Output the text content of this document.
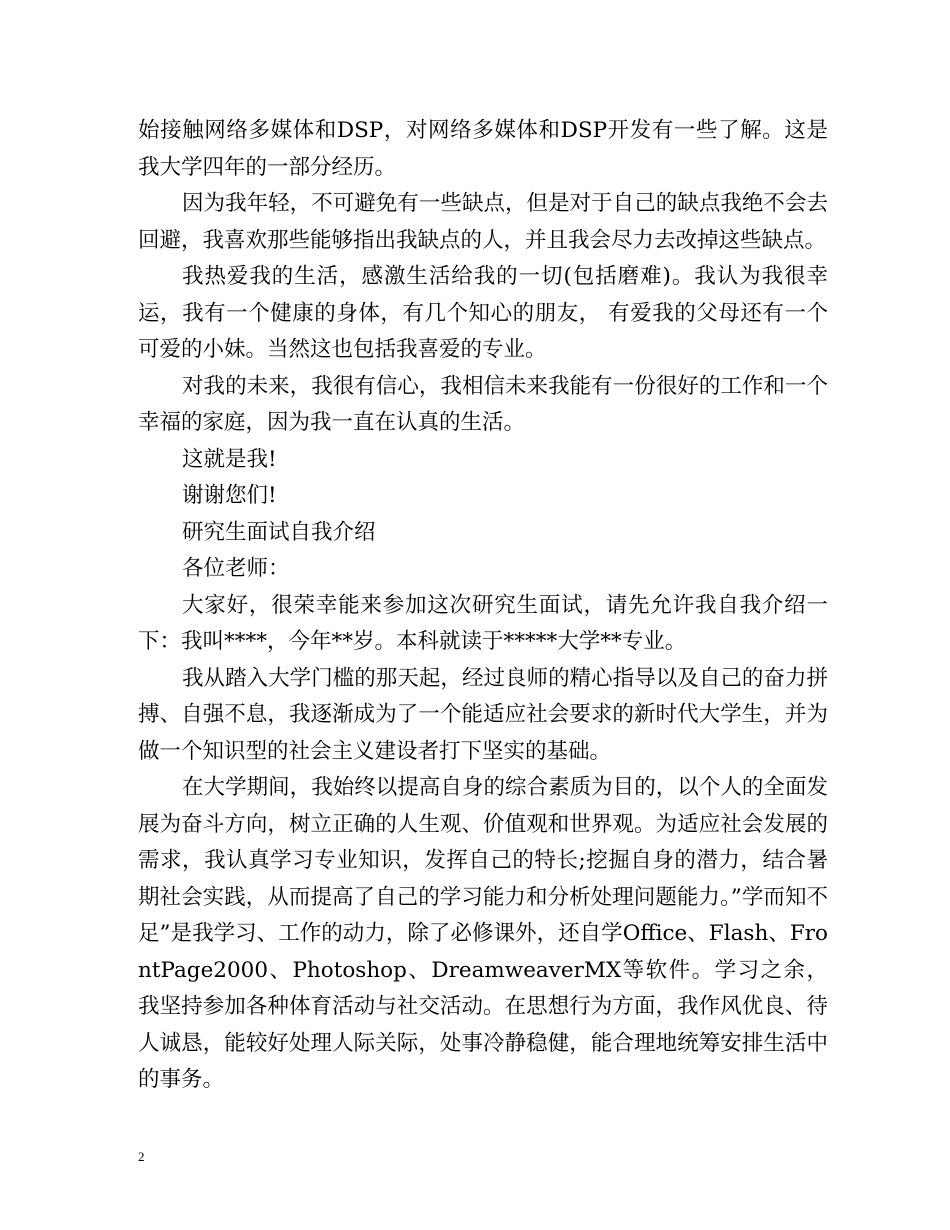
始接触网络多媒体和DSP，对网络多媒体和DSP开发有一些了解。这是我大学四年的一部分经历。

因为我年轻，不可避免有一些缺点，但是对于自己的缺点我绝不会去回避，我喜欢那些能够指出我缺点的人，并且我会尽力去改掉这些缺点。

我热爱我的生活，感激生活给我的一切(包括磨难)。我认为我很幸运，我有一个健康的身体，有几个知心的朋友， 有爱我的父母还有一个可爱的小妹。当然这也包括我喜爱的专业。

对我的未来，我很有信心，我相信未来我能有一份很好的工作和一个幸福的家庭，因为我一直在认真的生活。

这就是我!

谢谢您们!

研究生面试自我介绍

各位老师：

大家好，很荣幸能来参加这次研究生面试，请先允许我自我介绍一下：我叫****，今年**岁。本科就读于*****大学**专业。

我从踏入大学门槛的那天起，经过良师的精心指导以及自己的奋力拼搏、自强不息，我逐渐成为了一个能适应社会要求的新时代大学生，并为做一个知识型的社会主义建设者打下坚实的基础。

在大学期间，我始终以提高自身的综合素质为目的，以个人的全面发展为奋斗方向，树立正确的人生观、价值观和世界观。为适应社会发展的需求，我认真学习专业知识，发挥自己的特长;挖掘自身的潜力，结合暑期社会实践，从而提高了自己的学习能力和分析处理问题能力。”学而知不足”是我学习、工作的动力，除了必修课外，还自学Office、Flash、FrontPage2000、Photoshop、DreamweaverMX等软件。学习之余，我坚持参加各种体育活动与社交活动。在思想行为方面，我作风优良、待人诚恳，能较好处理人际关际，处事冷静稳健，能合理地统筹安排生活中的事务。

2
